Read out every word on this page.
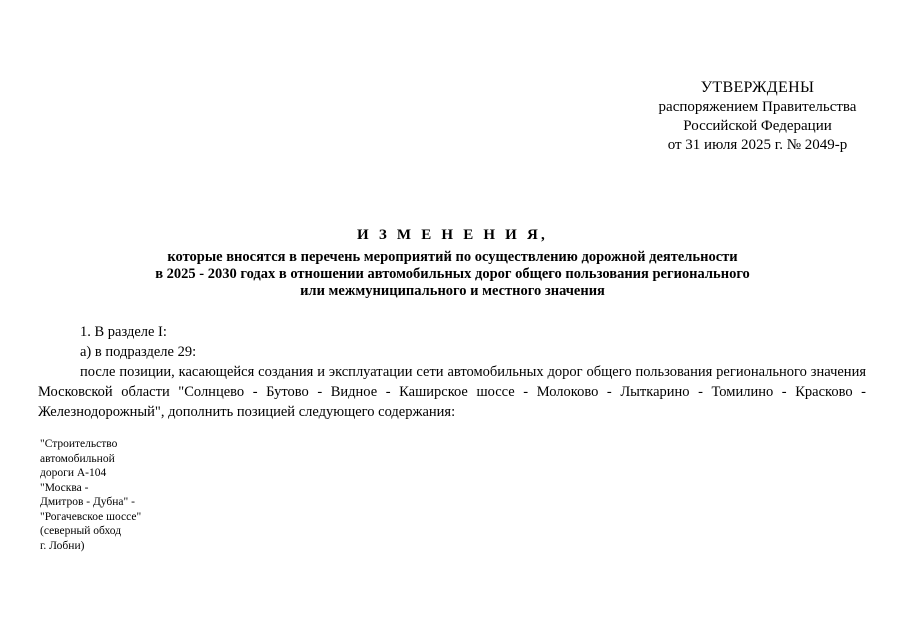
УТВЕРЖДЕНЫ
распоряжением Правительства
Российской Федерации
от 31 июля 2025 г. № 2049-р
И З М Е Н Е Н И Я,
которые вносятся в перечень мероприятий по осуществлению дорожной деятельности
в 2025 - 2030 годах в отношении автомобильных дорог общего пользования регионального
или межмуниципального и местного значения

1. В разделе I:

а) в подразделе 29:

после позиции, касающейся создания и эксплуатации сети автомобильных дорог общего пользования регионального значения Московской области "Солнцево - Бутово - Видное - Каширское шоссе - Молоково - Лыткарино - Томилино - Красково - Железнодорожный", дополнить позицией следующего содержания:

"Строительство
автомобильной
дороги А-104
"Москва -
Дмитров - Дубна" -
"Рогачевское шоссе"
(северный обход
г. Лобни)
